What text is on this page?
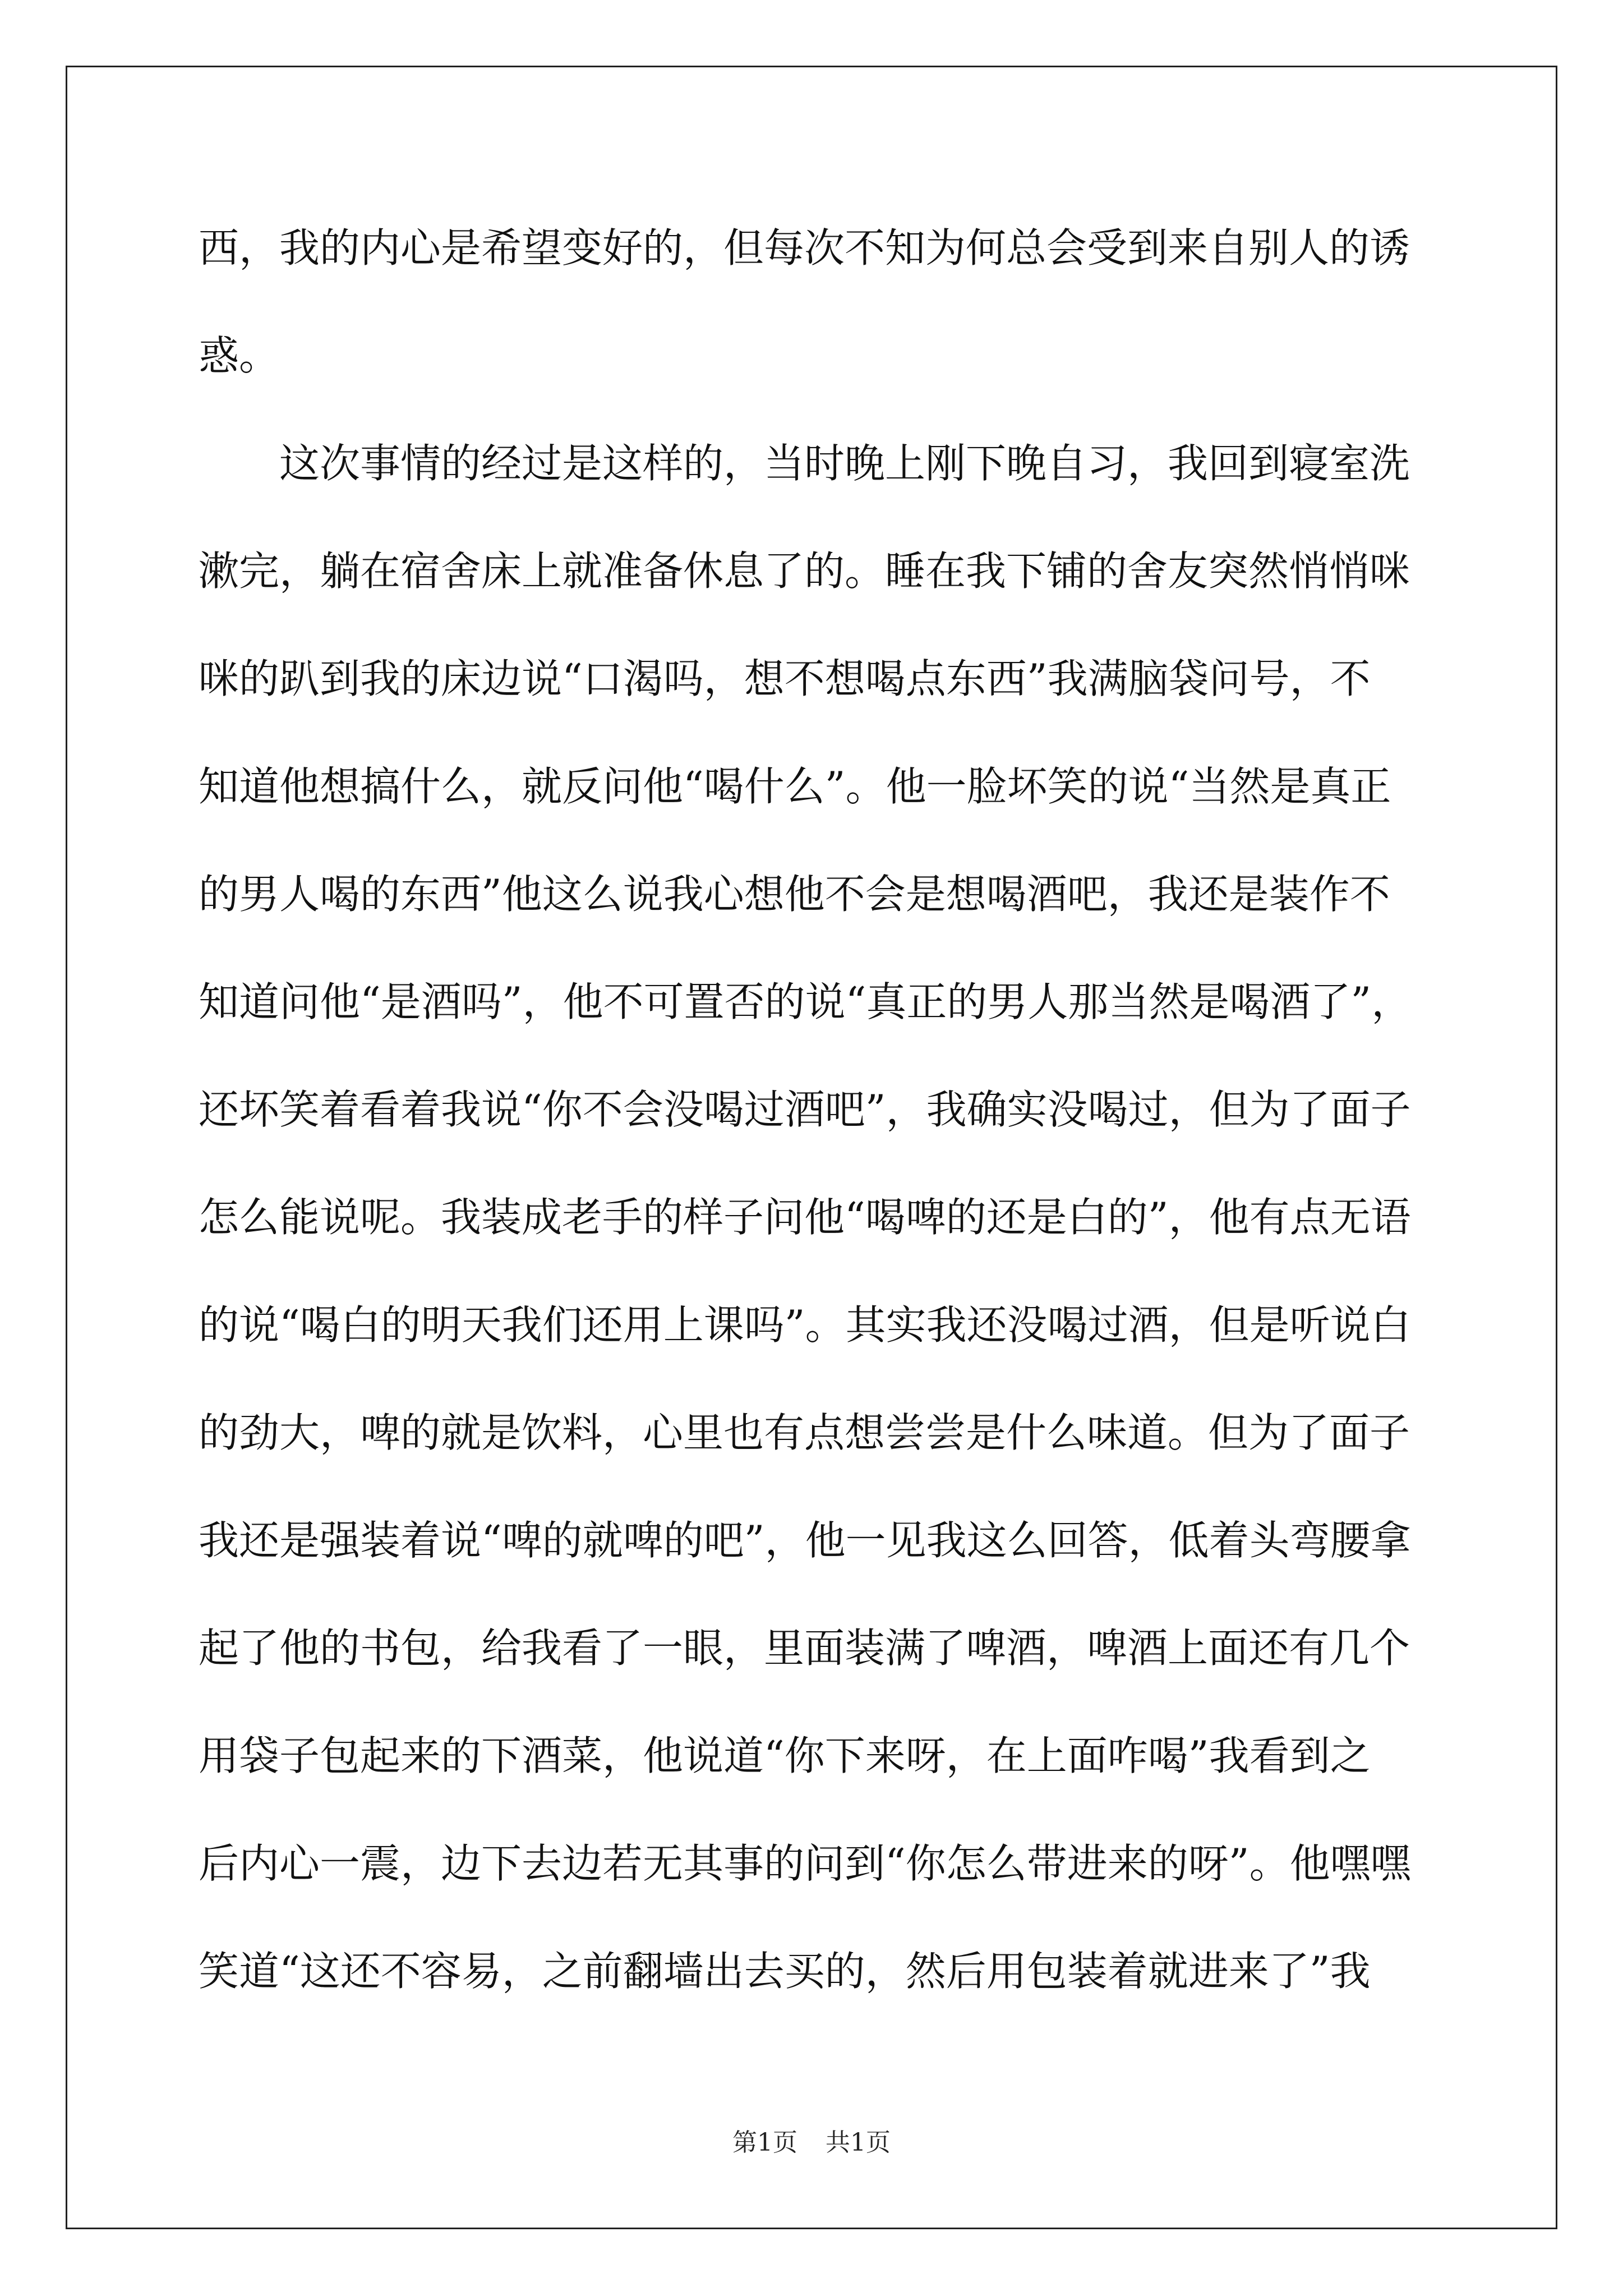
西，我的内心是希望变好的，但每次不知为何总会受到来自别人的诱
惑。
　　这次事情的经过是这样的，当时晚上刚下晚自习，我回到寝室洗
漱完，躺在宿舍床上就准备休息了的。睡在我下铺的舍友突然悄悄咪
咪的趴到我的床边说“口渴吗，想不想喝点东西”我满脑袋问号，不
知道他想搞什么，就反问他“喝什么”。他一脸坏笑的说“当然是真正
的男人喝的东西”他这么说我心想他不会是想喝酒吧，我还是装作不
知道问他“是酒吗”，他不可置否的说“真正的男人那当然是喝酒了”，
还坏笑着看着我说“你不会没喝过酒吧”，我确实没喝过，但为了面子
怎么能说呢。我装成老手的样子问他“喝啤的还是白的”，他有点无语
的说“喝白的明天我们还用上课吗”。其实我还没喝过酒，但是听说白
的劲大，啤的就是饮料，心里也有点想尝尝是什么味道。但为了面子
我还是强装着说“啤的就啤的吧”，他一见我这么回答，低着头弯腰拿
起了他的书包，给我看了一眼，里面装满了啤酒，啤酒上面还有几个
用袋子包起来的下酒菜，他说道“你下来呀，在上面咋喝”我看到之
后内心一震，边下去边若无其事的问到“你怎么带进来的呀”。他嘿嘿
笑道“这还不容易，之前翻墙出去买的，然后用包装着就进来了”我
第1页 共1页
